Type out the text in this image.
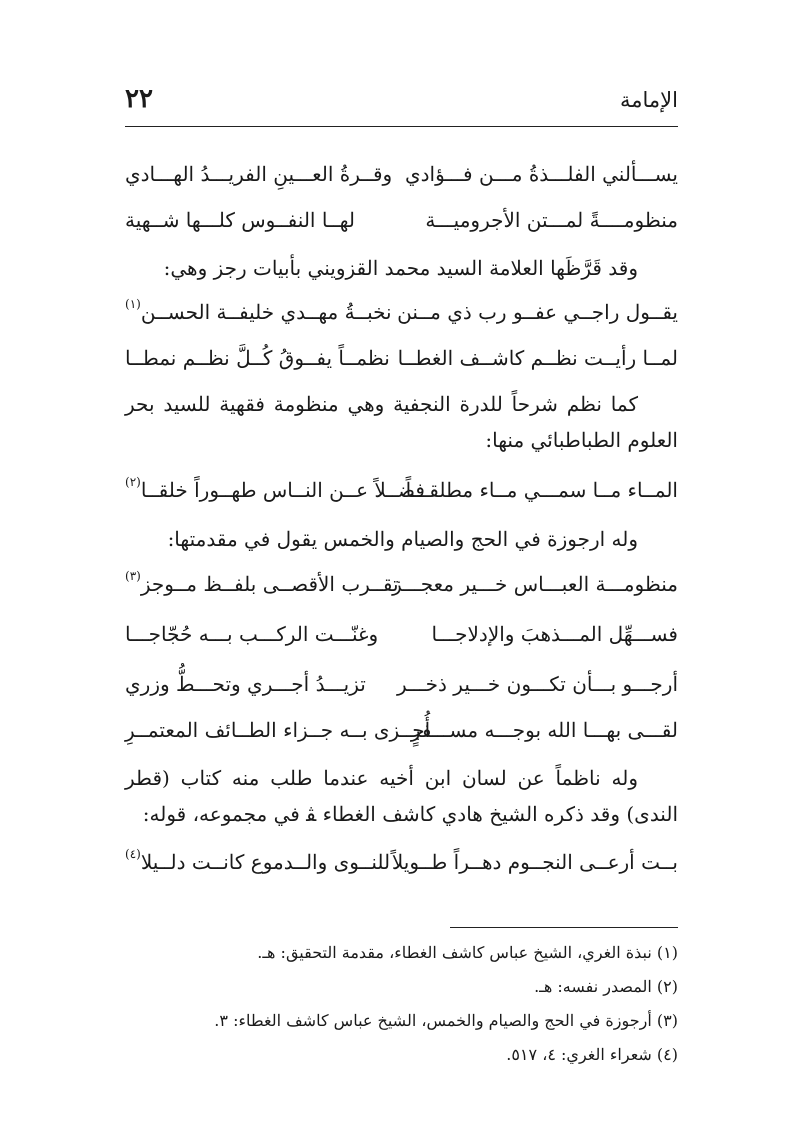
الإمامة
٢٢
يســـألني الفلـــذةُ مـــن فـــؤادي
وقــرةُ العـــينِ الفريـــدُ الهـــادي
منظومــــةً لمـــتن الأجروميـــة
لهــا النفــوس كلـــها شــهية
وقد قَرَّظَها العلامة السيد محمد القزويني بأبيات رجز وهي:
يقــول راجــي عفــو رب ذي مــنن
نخبــةُ مهــدي خليفــة الحســن$^{(١)}$
لمــا رأيــت نظــم كاشــف الغطــا
نظمــاً يفــوقُ كُــلَّ نظــم نمطــا
كما نظم شرحاً للدرة النجفية وهي منظومة فقهية للسيد بحر العلوم الطباطبائي منها:
المــاء مــا سمـــي مــاء مطلقـــاً
فضــلاً عــن النــاس طهــوراً خلقــا$^{(٢)}$
وله ارجوزة في الحج والصيام والخمس يقول في مقدمتها:
منظومـــة العبـــاس خـــير معجـــز
تقــرب الأقصــى بلفــظ مــوجز$^{(٣)}$
فســـهِّل المـــذهبَ والإدلاجـــا
وغنّـــت الركـــب بـــه حُجّاجـــا
أرجـــو بـــأن تكـــون خـــير ذخـــر
تزيـــدُ أجـــري وتحـــطُّ وزري
لقـــى بهـــا الله بوجـــه مســـفرٍ
أُجــزى بــه جــزاء الطــائف المعتمــرِ
وله ناظماً عن لسان ابن أخيه عندما طلب منه كتاب (قطر الندى) وقد ذكره الشيخ هادي كاشف الغطاء ﭭ في مجموعه، قوله:
بــت أرعــى النجــوم دهــراً طــويلاً
للنــوى والــدموع كانــت دلــيلا$^{(٤)}$
(١) نبذة الغري، الشيخ عباس كاشف الغطاء، مقدمة التحقيق: هـ.
(٢) المصدر نفسه: هـ.
(٣) أرجوزة في الحج والصيام والخمس، الشيخ عباس كاشف الغطاء: ٣.
(٤) شعراء الغري: ٤، ٥١٧.
